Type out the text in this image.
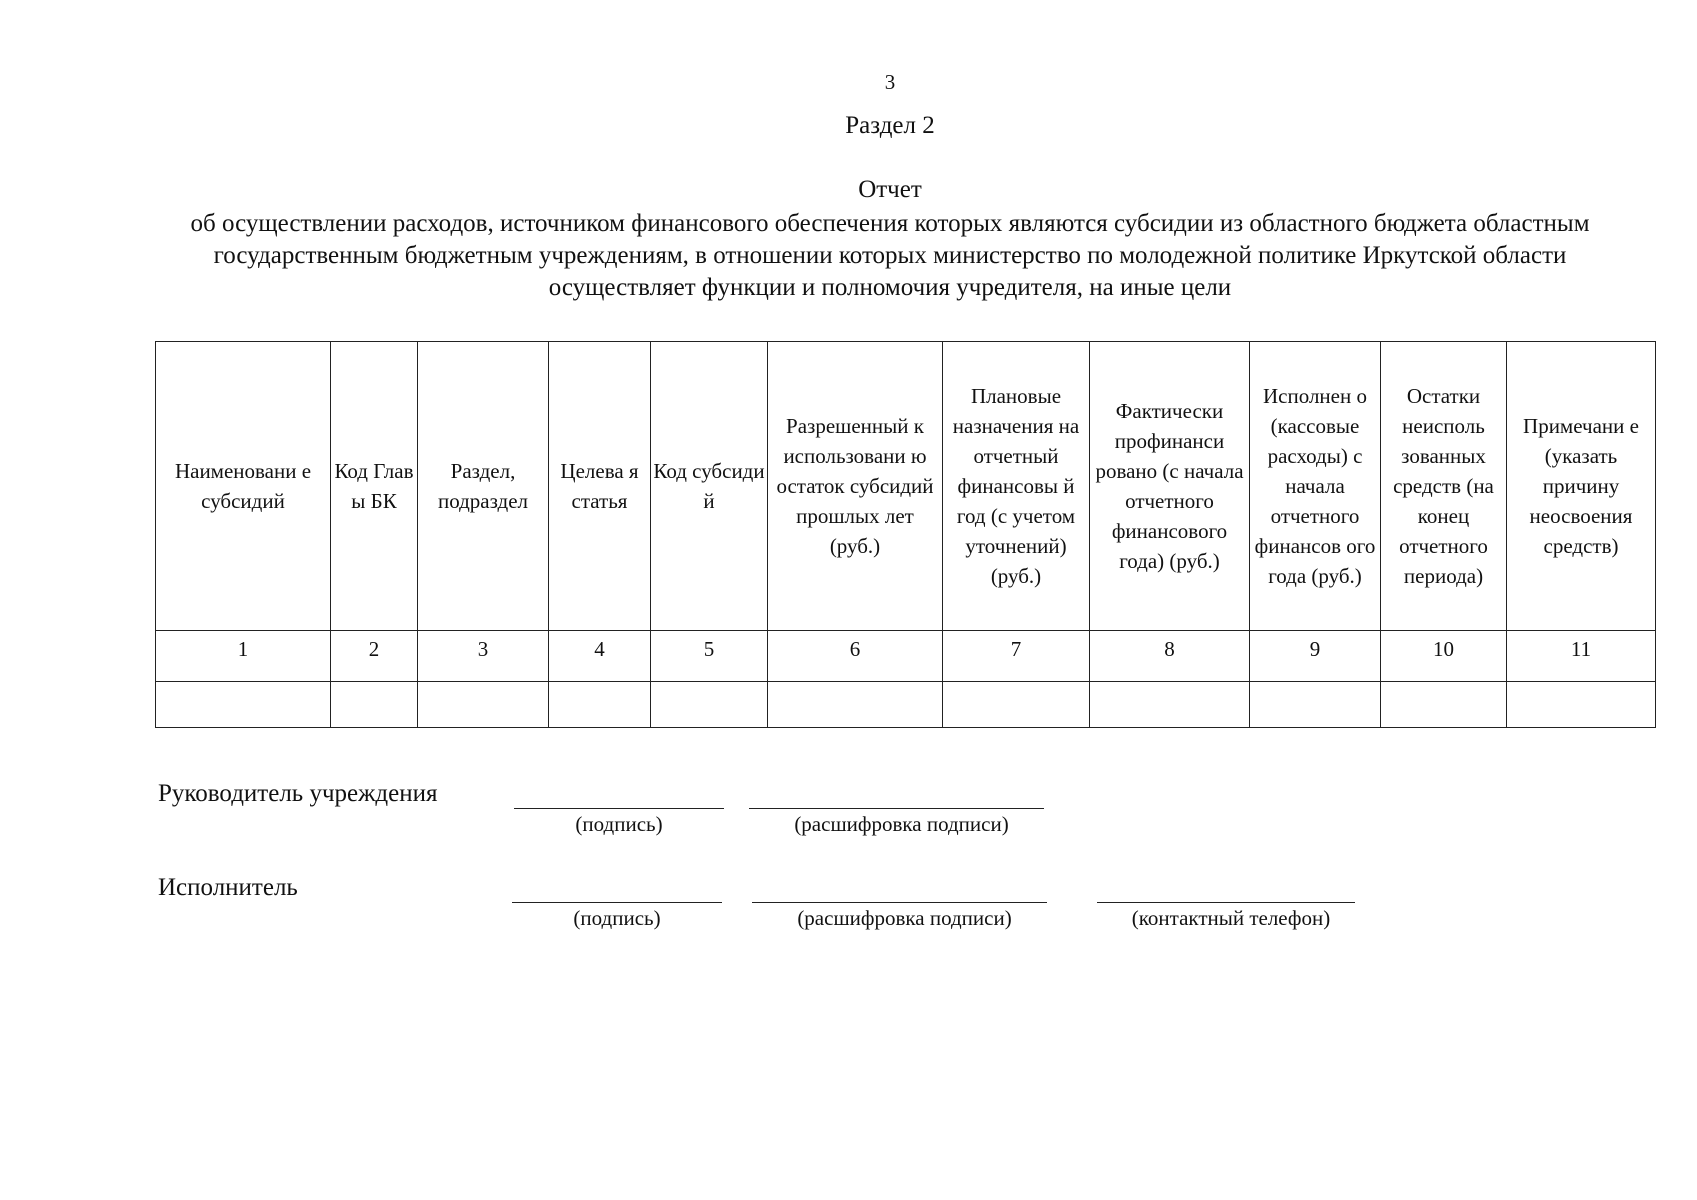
3
Раздел 2
Отчет
об осуществлении расходов, источником финансового обеспечения которых являются субсидии из областного бюджета областным государственным бюджетным учреждениям, в отношении которых министерство по молодежной политике Иркутской области осуществляет функции и полномочия учредителя, на иные цели
Наименовани е субсидий	Код Глав ы БК	Раздел, подраздел	Целева я статья	Код субсиди й	Разрешенный к использовани ю остаток субсидий прошлых лет (руб.)	Плановые назначения на отчетный финансовы й год (с учетом уточнений) (руб.)	Фактически профинанси ровано (с начала отчетного финансового года) (руб.)	Исполнен о (кассовые расходы) с начала отчетного финансов ого года (руб.)	Остатки неисполь зованных средств (на конец отчетного периода)	Примечани е (указать причину неосвоения средств)
1	2	3	4	5	6	7	8	9	10	11

Руководитель учреждения
(подпись)	(расшифровка подписи)
Исполнитель
(подпись)	(расшифровка подписи)	(контактный телефон)
